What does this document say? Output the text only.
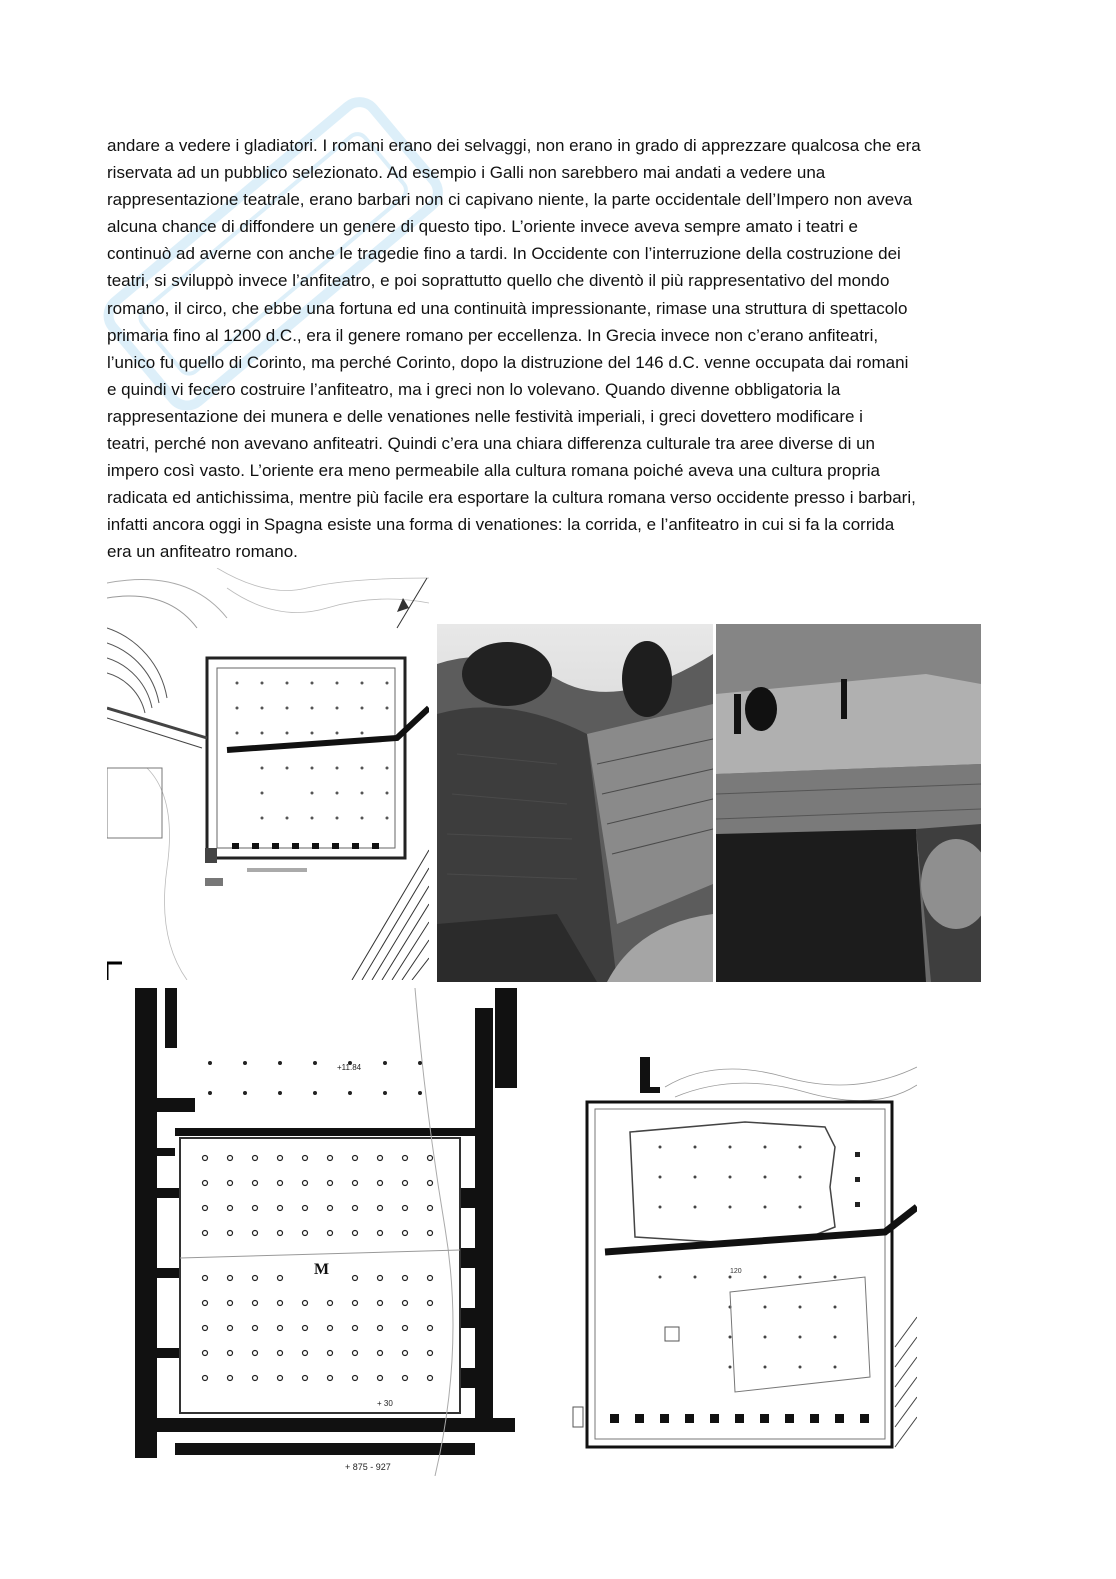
andare a vedere i gladiatori. I romani erano dei selvaggi, non erano in grado di apprezzare qualcosa che era
riservata ad un pubblico selezionato. Ad esempio i Galli non sarebbero mai andati a vedere una
rappresentazione teatrale, erano barbari non ci capivano niente, la parte occidentale dell’Impero non aveva
alcuna chance di diffondere un genere di questo tipo. L’oriente invece aveva sempre amato i teatri e
continuò ad averne con anche le tragedie fino a tardi. In Occidente con l’interruzione della costruzione dei
teatri, si sviluppò invece l’anfiteatro, e poi soprattutto quello che diventò il più rappresentativo del mondo
romano, il circo, che ebbe una fortuna ed una continuità impressionante, rimase una struttura di spettacolo
primaria fino al 1200 d.C., era il genere romano per eccellenza. In Grecia invece non c’erano anfiteatri,
l’unico fu quello di Corinto, ma perché Corinto, dopo la distruzione del 146 d.C. venne occupata dai romani
e quindi vi fecero costruire l’anfiteatro, ma i greci non lo volevano. Quando divenne obbligatoria la
rappresentazione dei munera e delle venationes nelle festività imperiali, i greci dovettero modificare i
teatri, perché non avevano anfiteatri. Quindi c’era una chiara differenza culturale tra aree diverse di un
impero così vasto. L’oriente era meno permeabile alla cultura romana poiché aveva una cultura propria
radicata ed antichissima, mentre più facile era esportare la cultura romana verso occidente presso i barbari,
infatti ancora oggi in Spagna esiste una forma di venationes: la corrida, e l’anfiteatro in cui si fa la corrida
era un anfiteatro romano.

M
+11.84
+ 30
+ 875 - 927
120
